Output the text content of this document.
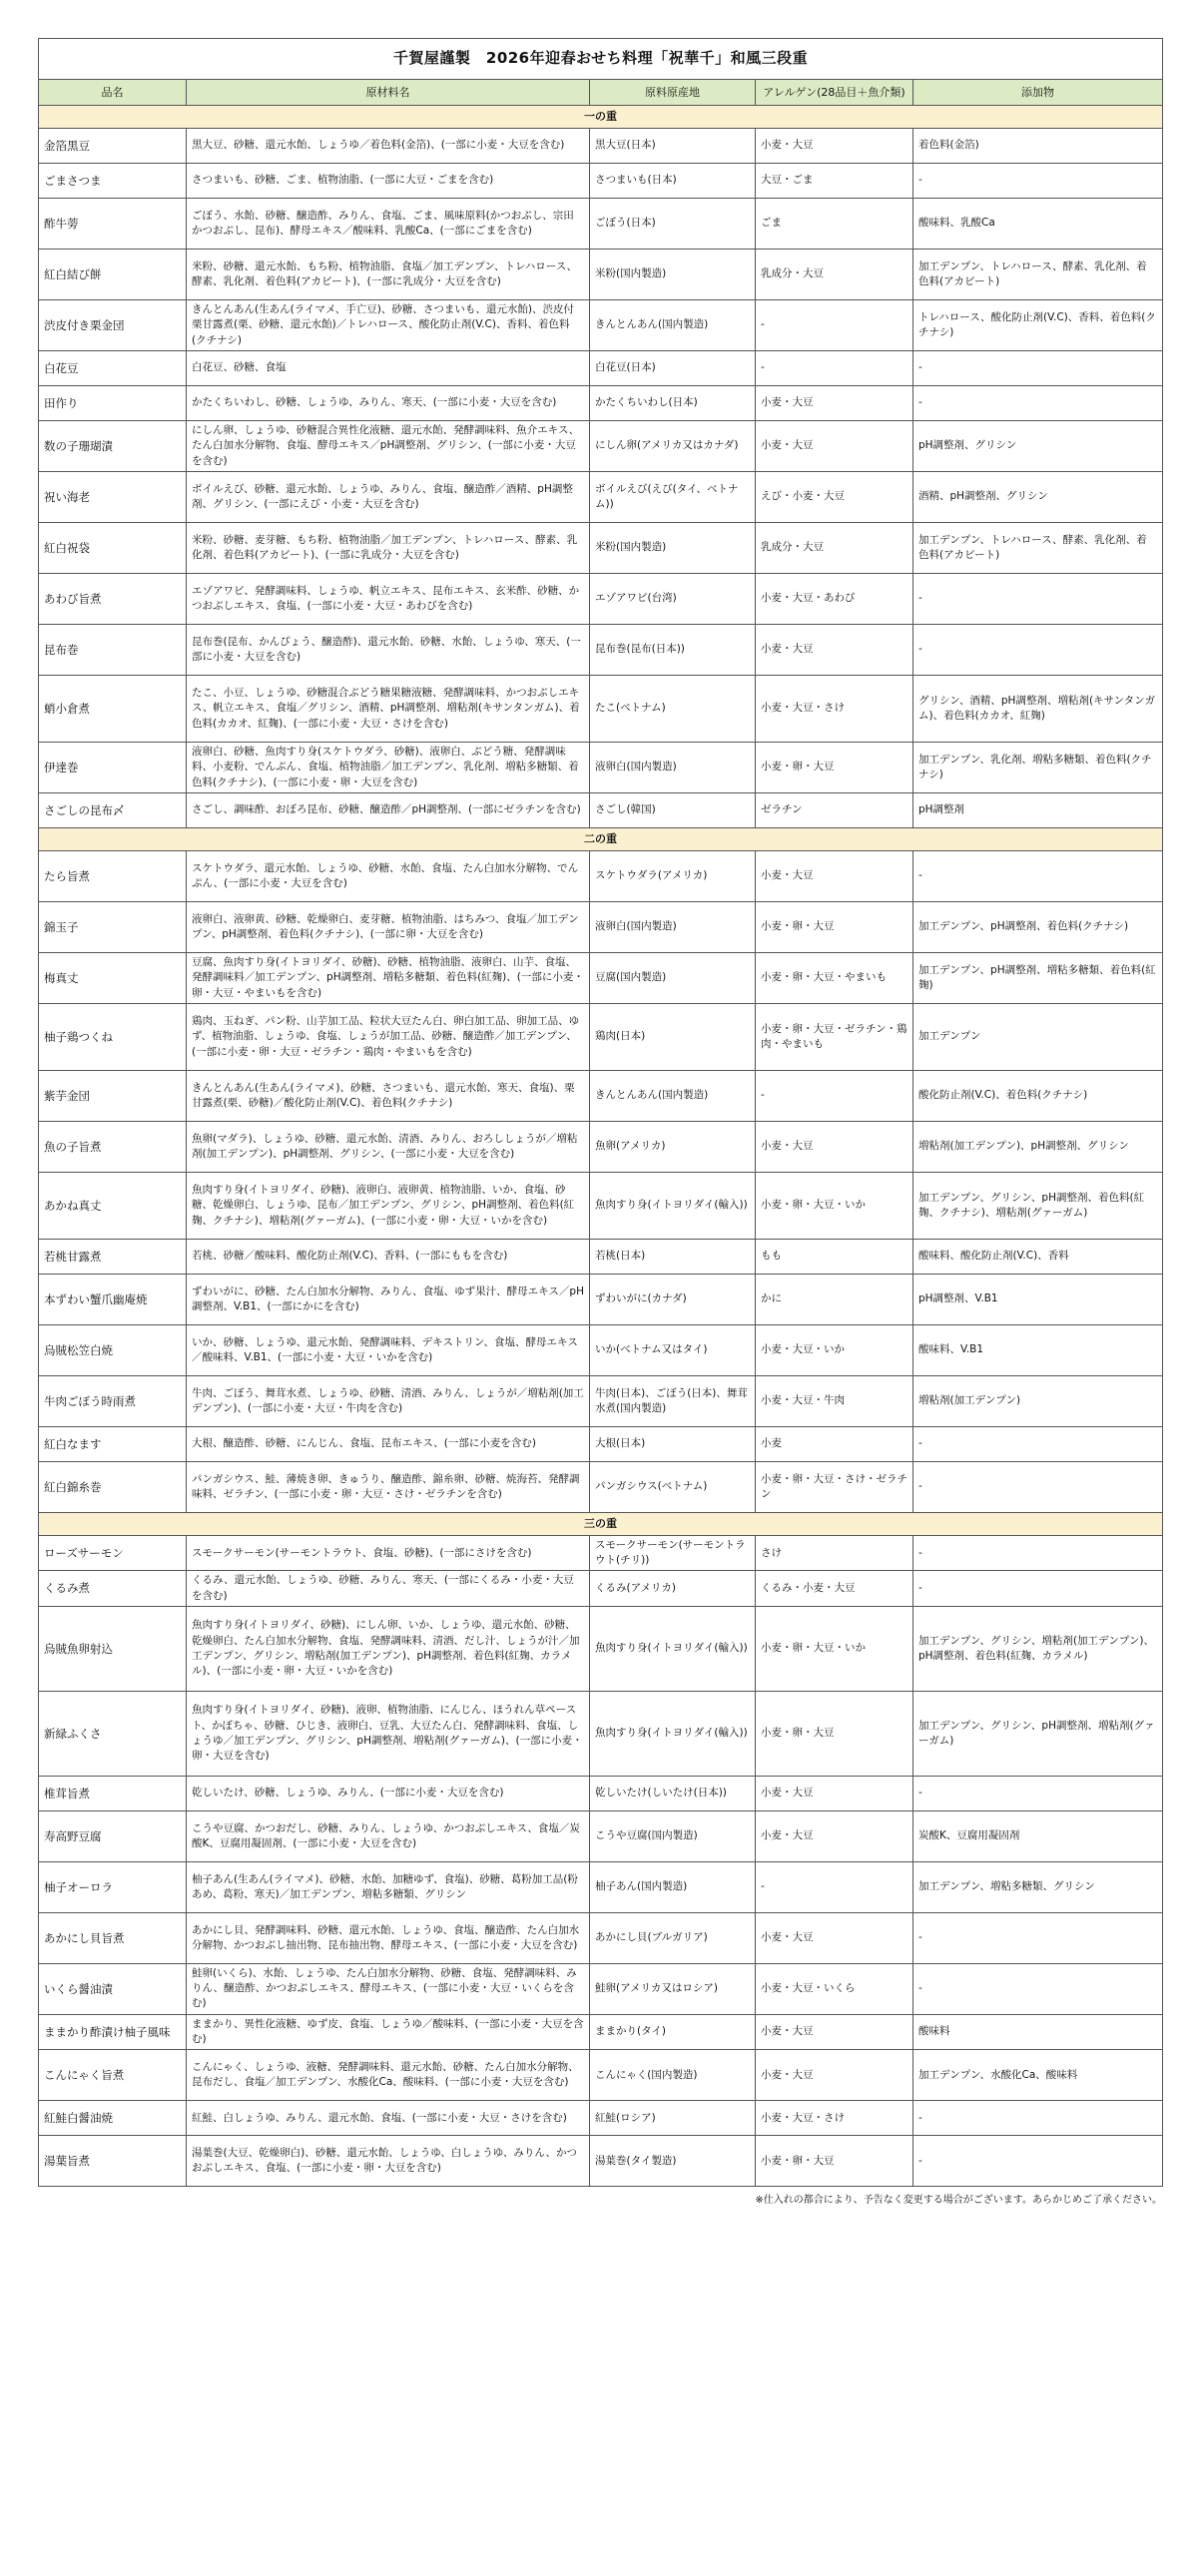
千賀屋謹製　2026年迎春おせち料理「祝華千」和風三段重				
品名	原材料名	原料原産地	アレルゲン(28品目＋魚介類)	添加物
一の重				
金箔黒豆	黒大豆、砂糖、還元水飴、しょうゆ／着色料(金箔)、(一部に小麦・大豆を含む)	黒大豆(日本)	小麦・大豆	着色料(金箔)
ごまさつま	さつまいも、砂糖、ごま、植物油脂、(一部に大豆・ごまを含む)	さつまいも(日本)	大豆・ごま	-
酢牛蒡	ごぼう、水飴、砂糖、醸造酢、みりん、食塩、ごま、風味原料(かつおぶし、宗田かつおぶし、昆布)、酵母エキス／酸味料、乳酸Ca、(一部にごまを含む)	ごぼう(日本)	ごま	酸味料、乳酸Ca
紅白結び餅	米粉、砂糖、還元水飴、もち粉、植物油脂、食塩／加工デンプン、トレハロース、酵素、乳化剤、着色料(アカビート)、(一部に乳成分・大豆を含む)	米粉(国内製造)	乳成分・大豆	加工デンプン、トレハロース、酵素、乳化剤、着色料(アカビート)
渋皮付き栗金団	きんとんあん(生あん(ライマメ、手亡豆)、砂糖、さつまいも、還元水飴)、渋皮付栗甘露煮(栗、砂糖、還元水飴)／トレハロース、酸化防止剤(V.C)、香料、着色料(クチナシ)	きんとんあん(国内製造)	-	トレハロース、酸化防止剤(V.C)、香料、着色料(クチナシ)
白花豆	白花豆、砂糖、食塩	白花豆(日本)	-	-
田作り	かたくちいわし、砂糖、しょうゆ、みりん、寒天、(一部に小麦・大豆を含む)	かたくちいわし(日本)	小麦・大豆	-
数の子珊瑚漬	にしん卵、しょうゆ、砂糖混合異性化液糖、還元水飴、発酵調味料、魚介エキス、たん白加水分解物、食塩、酵母エキス／pH調整剤、グリシン、(一部に小麦・大豆を含む)	にしん卵(アメリカ又はカナダ)	小麦・大豆	pH調整剤、グリシン
祝い海老	ボイルえび、砂糖、還元水飴、しょうゆ、みりん、食塩、醸造酢／酒精、pH調整剤、グリシン、(一部にえび・小麦・大豆を含む)	ボイルえび(えび(タイ、ベトナム))	えび・小麦・大豆	酒精、pH調整剤、グリシン
紅白祝袋	米粉、砂糖、麦芽糖、もち粉、植物油脂／加工デンプン、トレハロース、酵素、乳化剤、着色料(アカビート)、(一部に乳成分・大豆を含む)	米粉(国内製造)	乳成分・大豆	加工デンプン、トレハロース、酵素、乳化剤、着色料(アカビート)
あわび旨煮	エゾアワビ、発酵調味料、しょうゆ、帆立エキス、昆布エキス、玄米酢、砂糖、かつおぶしエキス、食塩、(一部に小麦・大豆・あわびを含む)	エゾアワビ(台湾)	小麦・大豆・あわび	-
昆布巻	昆布巻(昆布、かんぴょう、醸造酢)、還元水飴、砂糖、水飴、しょうゆ、寒天、(一部に小麦・大豆を含む)	昆布巻(昆布(日本))	小麦・大豆	-
蛸小倉煮	たこ、小豆、しょうゆ、砂糖混合ぶどう糖果糖液糖、発酵調味料、かつおぶしエキス、帆立エキス、食塩／グリシン、酒精、pH調整剤、増粘剤(キサンタンガム)、着色料(カカオ、紅麹)、(一部に小麦・大豆・さけを含む)	たこ(ベトナム)	小麦・大豆・さけ	グリシン、酒精、pH調整剤、増粘剤(キサンタンガム)、着色料(カカオ、紅麹)
伊達巻	液卵白、砂糖、魚肉すり身(スケトウダラ、砂糖)、液卵白、ぶどう糖、発酵調味料、小麦粉、でんぷん、食塩、植物油脂／加工デンプン、乳化剤、増粘多糖類、着色料(クチナシ)、(一部に小麦・卵・大豆を含む)	液卵白(国内製造)	小麦・卵・大豆	加工デンプン、乳化剤、増粘多糖類、着色料(クチナシ)
さごしの昆布〆	さごし、調味酢、おぼろ昆布、砂糖、醸造酢／pH調整剤、(一部にゼラチンを含む)	さごし(韓国)	ゼラチン	pH調整剤
二の重				
たら旨煮	スケトウダラ、還元水飴、しょうゆ、砂糖、水飴、食塩、たん白加水分解物、でんぷん、(一部に小麦・大豆を含む)	スケトウダラ(アメリカ)	小麦・大豆	-
錦玉子	液卵白、液卵黄、砂糖、乾燥卵白、麦芽糖、植物油脂、はちみつ、食塩／加工デンプン、pH調整剤、着色料(クチナシ)、(一部に卵・大豆を含む)	液卵白(国内製造)	小麦・卵・大豆	加工デンプン、pH調整剤、着色料(クチナシ)
梅真丈	豆腐、魚肉すり身(イトヨリダイ、砂糖)、砂糖、植物油脂、液卵白、山芋、食塩、発酵調味料／加工デンプン、pH調整剤、増粘多糖類、着色料(紅麹)、(一部に小麦・卵・大豆・やまいもを含む)	豆腐(国内製造)	小麦・卵・大豆・やまいも	加工デンプン、pH調整剤、増粘多糖類、着色料(紅麹)
柚子鶏つくね	鶏肉、玉ねぎ、パン粉、山芋加工品、粒状大豆たん白、卵白加工品、卵加工品、ゆず、植物油脂、しょうゆ、食塩、しょうが加工品、砂糖、醸造酢／加工デンプン、(一部に小麦・卵・大豆・ゼラチン・鶏肉・やまいもを含む)	鶏肉(日本)	小麦・卵・大豆・ゼラチン・鶏肉・やまいも	加工デンプン
紫芋金団	きんとんあん(生あん(ライマメ)、砂糖、さつまいも、還元水飴、寒天、食塩)、栗甘露煮(栗、砂糖)／酸化防止剤(V.C)、着色料(クチナシ)	きんとんあん(国内製造)	-	酸化防止剤(V.C)、着色料(クチナシ)
魚の子旨煮	魚卵(マダラ)、しょうゆ、砂糖、還元水飴、清酒、みりん、おろししょうが／増粘剤(加工デンプン)、pH調整剤、グリシン、(一部に小麦・大豆を含む)	魚卵(アメリカ)	小麦・大豆	増粘剤(加工デンプン)、pH調整剤、グリシン
あかね真丈	魚肉すり身(イトヨリダイ、砂糖)、液卵白、液卵黄、植物油脂、いか、食塩、砂糖、乾燥卵白、しょうゆ、昆布／加工デンプン、グリシン、pH調整剤、着色料(紅麹、クチナシ)、増粘剤(グァーガム)、(一部に小麦・卵・大豆・いかを含む)	魚肉すり身(イトヨリダイ(輸入))	小麦・卵・大豆・いか	加工デンプン、グリシン、pH調整剤、着色料(紅麹、クチナシ)、増粘剤(グァーガム)
若桃甘露煮	若桃、砂糖／酸味料、酸化防止剤(V.C)、香料、(一部にももを含む)	若桃(日本)	もも	酸味料、酸化防止剤(V.C)、香料
本ずわい蟹爪幽庵焼	ずわいがに、砂糖、たん白加水分解物、みりん、食塩、ゆず果汁、酵母エキス／pH調整剤、V.B1、(一部にかにを含む)	ずわいがに(カナダ)	かに	pH調整剤、V.B1
烏賊松笠白焼	いか、砂糖、しょうゆ、還元水飴、発酵調味料、デキストリン、食塩、酵母エキス／酸味料、V.B1、(一部に小麦・大豆・いかを含む)	いか(ベトナム又はタイ)	小麦・大豆・いか	酸味料、V.B1
牛肉ごぼう時雨煮	牛肉、ごぼう、舞茸水煮、しょうゆ、砂糖、清酒、みりん、しょうが／増粘剤(加工デンプン)、(一部に小麦・大豆・牛肉を含む)	牛肉(日本)、ごぼう(日本)、舞茸水煮(国内製造)	小麦・大豆・牛肉	増粘剤(加工デンプン)
紅白なます	大根、醸造酢、砂糖、にんじん、食塩、昆布エキス、(一部に小麦を含む)	大根(日本)	小麦	-
紅白錦糸巻	パンガシウス、鮭、薄焼き卵、きゅうり、醸造酢、錦糸卵、砂糖、焼海苔、発酵調味料、ゼラチン、(一部に小麦・卵・大豆・さけ・ゼラチンを含む)	パンガシウス(ベトナム)	小麦・卵・大豆・さけ・ゼラチン	-
三の重				
ローズサーモン	スモークサーモン(サーモントラウト、食塩、砂糖)、(一部にさけを含む)	スモークサーモン(サーモントラウト(チリ))	さけ	-
くるみ煮	くるみ、還元水飴、しょうゆ、砂糖、みりん、寒天、(一部にくるみ・小麦・大豆を含む)	くるみ(アメリカ)	くるみ・小麦・大豆	-
烏賊魚卵射込	魚肉すり身(イトヨリダイ、砂糖)、にしん卵、いか、しょうゆ、還元水飴、砂糖、乾燥卵白、たん白加水分解物、食塩、発酵調味料、清酒、だし汁、しょうが汁／加工デンプン、グリシン、増粘剤(加工デンプン)、pH調整剤、着色料(紅麹、カラメル)、(一部に小麦・卵・大豆・いかを含む)	魚肉すり身(イトヨリダイ(輸入))	小麦・卵・大豆・いか	加工デンプン、グリシン、増粘剤(加工デンプン)、pH調整剤、着色料(紅麹、カラメル)
新緑ふくさ	魚肉すり身(イトヨリダイ、砂糖)、液卵、植物油脂、にんじん、ほうれん草ペースト、かぼちゃ、砂糖、ひじき、液卵白、豆乳、大豆たん白、発酵調味料、食塩、しょうゆ／加工デンプン、グリシン、pH調整剤、増粘剤(グァーガム)、(一部に小麦・卵・大豆を含む)	魚肉すり身(イトヨリダイ(輸入))	小麦・卵・大豆	加工デンプン、グリシン、pH調整剤、増粘剤(グァーガム)
椎茸旨煮	乾しいたけ、砂糖、しょうゆ、みりん、(一部に小麦・大豆を含む)	乾しいたけ(しいたけ(日本))	小麦・大豆	-
寿高野豆腐	こうや豆腐、かつおだし、砂糖、みりん、しょうゆ、かつおぶしエキス、食塩／炭酸K、豆腐用凝固剤、(一部に小麦・大豆を含む)	こうや豆腐(国内製造)	小麦・大豆	炭酸K、豆腐用凝固剤
柚子オーロラ	柚子あん(生あん(ライマメ)、砂糖、水飴、加糖ゆず、食塩)、砂糖、葛粉加工品(粉あめ、葛粉、寒天)／加工デンプン、増粘多糖類、グリシン	柚子あん(国内製造)	-	加工デンプン、増粘多糖類、グリシン
あかにし貝旨煮	あかにし貝、発酵調味料、砂糖、還元水飴、しょうゆ、食塩、醸造酢、たん白加水分解物、かつおぶし抽出物、昆布抽出物、酵母エキス、(一部に小麦・大豆を含む)	あかにし貝(ブルガリア)	小麦・大豆	-
いくら醤油漬	鮭卵(いくら)、水飴、しょうゆ、たん白加水分解物、砂糖、食塩、発酵調味料、みりん、醸造酢、かつおぶしエキス、酵母エキス、(一部に小麦・大豆・いくらを含む)	鮭卵(アメリカ又はロシア)	小麦・大豆・いくら	-
ままかり酢漬け柚子風味	ままかり、異性化液糖、ゆず皮、食塩、しょうゆ／酸味料、(一部に小麦・大豆を含む)	ままかり(タイ)	小麦・大豆	酸味料
こんにゃく旨煮	こんにゃく、しょうゆ、液糖、発酵調味料、還元水飴、砂糖、たん白加水分解物、昆布だし、食塩／加工デンプン、水酸化Ca、酸味料、(一部に小麦・大豆を含む)	こんにゃく(国内製造)	小麦・大豆	加工デンプン、水酸化Ca、酸味料
紅鮭白醤油焼	紅鮭、白しょうゆ、みりん、還元水飴、食塩、(一部に小麦・大豆・さけを含む)	紅鮭(ロシア)	小麦・大豆・さけ	-
湯葉旨煮	湯葉巻(大豆、乾燥卵白)、砂糖、還元水飴、しょうゆ、白しょうゆ、みりん、かつおぶしエキス、食塩、(一部に小麦・卵・大豆を含む)	湯葉巻(タイ製造)	小麦・卵・大豆	-
※仕入れの都合により、予告なく変更する場合がございます。あらかじめご了承ください。
